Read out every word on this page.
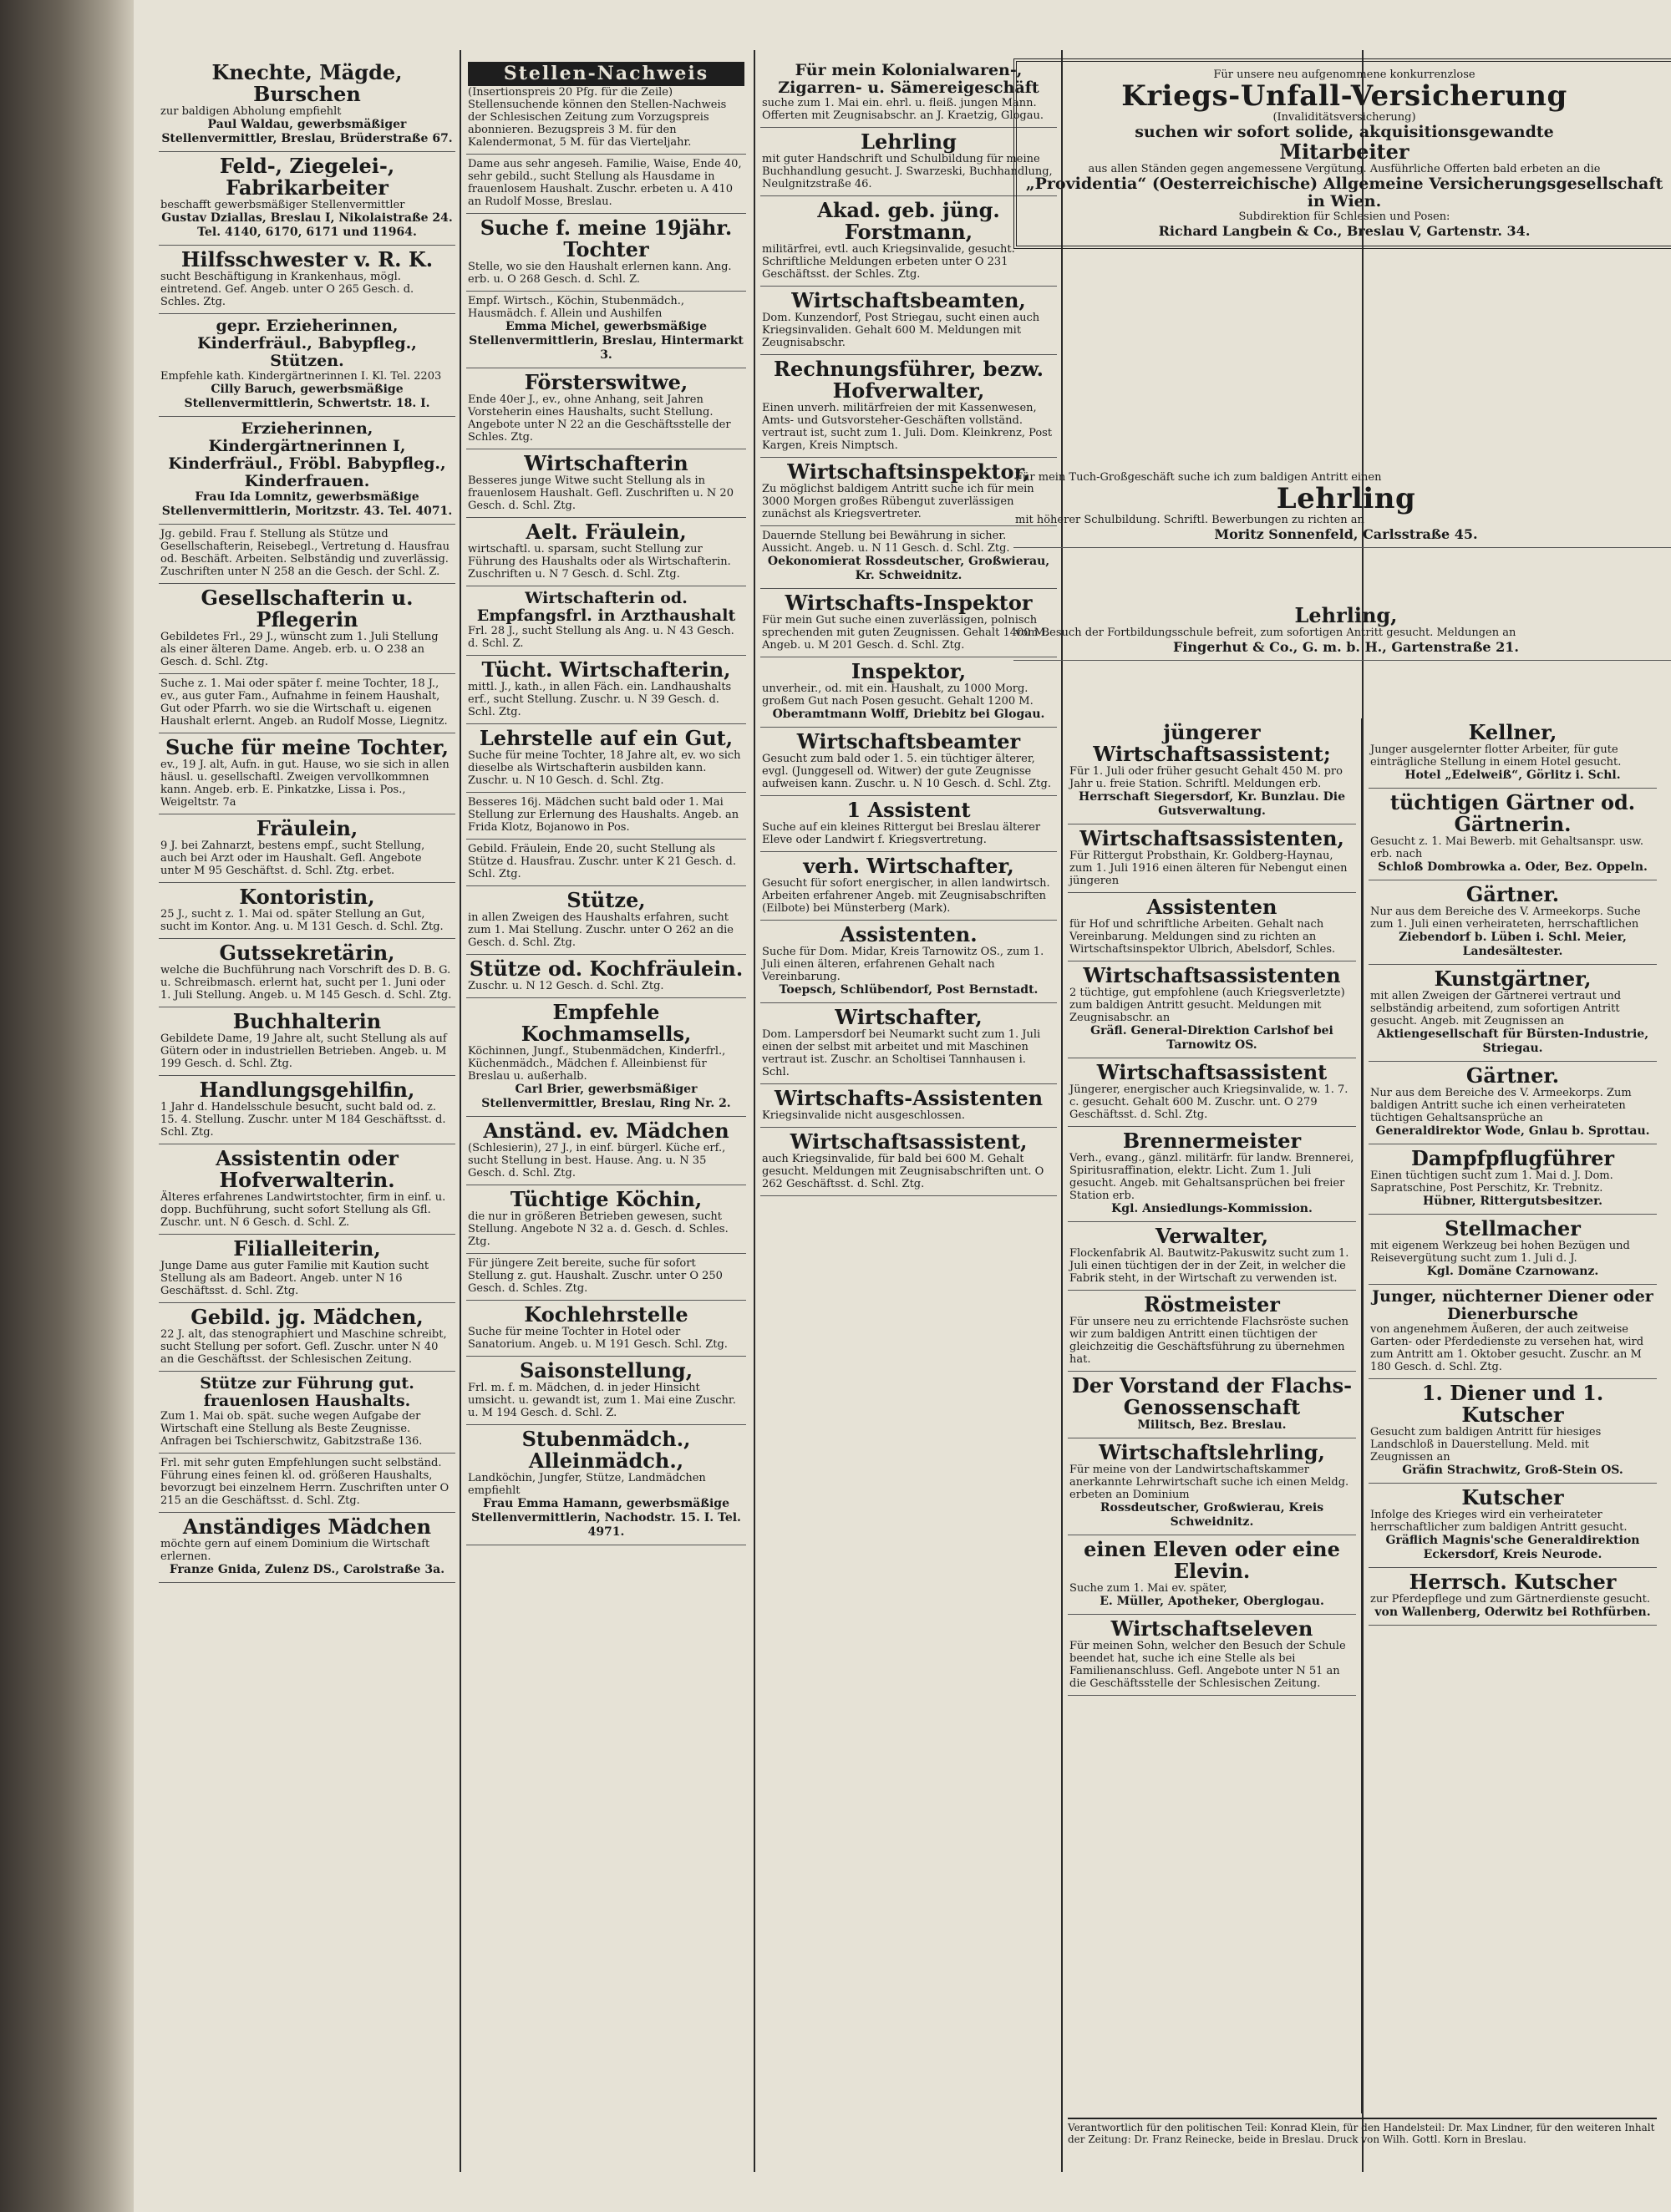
Knechte, Mägde, Burschen
zur baldigen Abholung empfiehlt
Paul Waldau, gewerbsmäßiger Stellenvermittler, Breslau, Brüderstraße 67.
Feld-, Ziegelei-, Fabrikarbeiter
beschafft gewerbsmäßiger Stellenvermittler
Gustav Dziallas, Breslau I, Nikolaistraße 24. Tel. 4140, 6170, 6171 und 11964.
Hilfsschwester v. R. K.
sucht Beschäftigung in Krankenhaus, mögl. eintretend. Gef. Angeb. unter O 265 Gesch. d. Schles. Ztg.
gepr. Erzieherinnen, Kinderfräul., Babypfleg., Stützen.
Empfehle kath. Kindergärtnerinnen I. Kl. Tel. 2203
Cilly Baruch, gewerbsmäßige Stellenvermittlerin, Schwertstr. 18. I.
Erzieherinnen, Kindergärtnerinnen I, Kinderfräul., Fröbl. Babypfleg., Kinderfrauen.
Frau Ida Lomnitz, gewerbsmäßige Stellenvermittlerin, Moritzstr. 43. Tel. 4071.
Jg. gebild. Frau f. Stellung als Stütze und Gesellschafterin, Reisebegl., Vertretung d. Hausfrau od. Beschäft. Arbeiten. Selbständig und zuverlässig. Zuschriften unter N 258 an die Gesch. der Schl. Z.
Gesellschafterin u. Pflegerin
Gebildetes Frl., 29 J., wünscht zum 1. Juli Stellung als einer älteren Dame. Angeb. erb. u. O 238 an Gesch. d. Schl. Ztg.
Suche z. 1. Mai oder später f. meine Tochter, 18 J., ev., aus guter Fam., Aufnahme in feinem Haushalt, Gut oder Pfarrh. wo sie die Wirtschaft u. eigenen Haushalt erlernt. Angeb. an Rudolf Mosse, Liegnitz.
Suche für meine Tochter,
ev., 19 J. alt, Aufn. in gut. Hause, wo sie sich in allen häusl. u. gesellschaftl. Zweigen vervollkommnen kann. Angeb. erb. E. Pinkatzke, Lissa i. Pos., Weigeltstr. 7a
Fräulein,
9 J. bei Zahnarzt, bestens empf., sucht Stellung, auch bei Arzt oder im Haushalt. Gefl. Angebote unter M 95 Geschäftst. d. Schl. Ztg. erbet.
Kontoristin,
25 J., sucht z. 1. Mai od. später Stellung an Gut, sucht im Kontor. Ang. u. M 131 Gesch. d. Schl. Ztg.
Gutssekretärin,
welche die Buchführung nach Vorschrift des D. B. G. u. Schreibmasch. erlernt hat, sucht per 1. Juni oder 1. Juli Stellung. Angeb. u. M 145 Gesch. d. Schl. Ztg.
Buchhalterin
Gebildete Dame, 19 Jahre alt, sucht Stellung als auf Gütern oder in industriellen Betrieben. Angeb. u. M 199 Gesch. d. Schl. Ztg.
Handlungsgehilfin,
1 Jahr d. Handelsschule besucht, sucht bald od. z. 15. 4. Stellung. Zuschr. unter M 184 Geschäftsst. d. Schl. Ztg.
Assistentin oder Hofverwalterin.
Älteres erfahrenes Landwirtstochter, firm in einf. u. dopp. Buchführung, sucht sofort Stellung als Gfl. Zuschr. unt. N 6 Gesch. d. Schl. Z.
Filialleiterin,
Junge Dame aus guter Familie mit Kaution sucht Stellung als am Badeort. Angeb. unter N 16 Geschäftsst. d. Schl. Ztg.
Gebild. jg. Mädchen,
22 J. alt, das stenographiert und Maschine schreibt, sucht Stellung per sofort. Gefl. Zuschr. unter N 40 an die Geschäftsst. der Schlesischen Zeitung.
Stütze zur Führung gut. frauenlosen Haushalts.
Zum 1. Mai ob. spät. suche wegen Aufgabe der Wirtschaft eine Stellung als Beste Zeugnisse. Anfragen bei Tschierschwitz, Gabitzstraße 136.
Frl. mit sehr guten Empfehlungen sucht selbständ. Führung eines feinen kl. od. größeren Haushalts, bevorzugt bei einzelnem Herrn. Zuschriften unter O 215 an die Geschäftsst. d. Schl. Ztg.
Anständiges Mädchen
möchte gern auf einem Dominium die Wirtschaft erlernen.
Franze Gnida, Zulenz DS., Carolstraße 3a.
Stellen-Nachweis
(Insertionspreis 20 Pfg. für die Zeile) Stellensuchende können den Stellen-Nachweis der Schlesischen Zeitung zum Vorzugspreis abonnieren. Bezugspreis 3 M. für den Kalendermonat, 5 M. für das Vierteljahr.
Dame aus sehr angeseh. Familie, Waise, Ende 40, sehr gebild., sucht Stellung als Hausdame in frauenlosem Haushalt. Zuschr. erbeten u. A 410 an Rudolf Mosse, Breslau.
Suche f. meine 19jähr. Tochter
Stelle, wo sie den Haushalt erlernen kann. Ang. erb. u. O 268 Gesch. d. Schl. Z.
Empf. Wirtsch., Köchin, Stubenmädch., Hausmädch. f. Allein und Aushilfen
Emma Michel, gewerbsmäßige Stellenvermittlerin, Breslau, Hintermarkt 3.
Försterswitwe,
Ende 40er J., ev., ohne Anhang, seit Jahren Vorsteherin eines Haushalts, sucht Stellung. Angebote unter N 22 an die Geschäftsstelle der Schles. Ztg.
Wirtschafterin
Besseres junge Witwe sucht Stellung als in frauenlosem Haushalt. Gefl. Zuschriften u. N 20 Gesch. d. Schl. Ztg.
Aelt. Fräulein,
wirtschaftl. u. sparsam, sucht Stellung zur Führung des Haushalts oder als Wirtschafterin. Zuschriften u. N 7 Gesch. d. Schl. Ztg.
Wirtschafterin od. Empfangsfrl. in Arzthaushalt
Frl. 28 J., sucht Stellung als Ang. u. N 43 Gesch. d. Schl. Z.
Tücht. Wirtschafterin,
mittl. J., kath., in allen Fäch. ein. Landhaushalts erf., sucht Stellung. Zuschr. u. N 39 Gesch. d. Schl. Ztg.
Lehrstelle auf ein Gut,
Suche für meine Tochter, 18 Jahre alt, ev. wo sich dieselbe als Wirtschafterin ausbilden kann. Zuschr. u. N 10 Gesch. d. Schl. Ztg.
Besseres 16j. Mädchen sucht bald oder 1. Mai Stellung zur Erlernung des Haushalts. Angeb. an Frida Klotz, Bojanowo in Pos.
Gebild. Fräulein, Ende 20, sucht Stellung als Stütze d. Hausfrau. Zuschr. unter K 21 Gesch. d. Schl. Ztg.
Stütze,
in allen Zweigen des Haushalts erfahren, sucht zum 1. Mai Stellung. Zuschr. unter O 262 an die Gesch. d. Schl. Ztg.
Stütze od. Kochfräulein.
Zuschr. u. N 12 Gesch. d. Schl. Ztg.
Empfehle Kochmamsells,
Köchinnen, Jungf., Stubenmädchen, Kinderfrl., Küchenmädch., Mädchen f. Alleinbienst für Breslau u. außerhalb.
Carl Brier, gewerbsmäßiger Stellenvermittler, Breslau, Ring Nr. 2.
Anständ. ev. Mädchen
(Schlesierin), 27 J., in einf. bürgerl. Küche erf., sucht Stellung in best. Hause. Ang. u. N 35 Gesch. d. Schl. Ztg.
Tüchtige Köchin,
die nur in größeren Betrieben gewesen, sucht Stellung. Angebote N 32 a. d. Gesch. d. Schles. Ztg.
Für jüngere Zeit bereite, suche für sofort Stellung z. gut. Haushalt. Zuschr. unter O 250 Gesch. d. Schles. Ztg.
Kochlehrstelle
Suche für meine Tochter in Hotel oder Sanatorium. Angeb. u. M 191 Gesch. Schl. Ztg.
Saisonstellung,
Frl. m. f. m. Mädchen, d. in jeder Hinsicht umsicht. u. gewandt ist, zum 1. Mai eine Zuschr. u. M 194 Gesch. d. Schl. Z.
Stubenmädch., Alleinmädch.,
Landköchin, Jungfer, Stütze, Landmädchen empfiehlt
Frau Emma Hamann, gewerbsmäßige Stellenvermittlerin, Nachodstr. 15. I. Tel. 4971.
Für mein Kolonialwaren-, Zigarren- u. Sämereigeschäft
suche zum 1. Mai ein. ehrl. u. fleiß. jungen Mann. Offerten mit Zeugnisabschr. an J. Kraetzig, Glogau.
Lehrling
mit guter Handschrift und Schulbildung für meine Buchhandlung gesucht. J. Swarzeski, Buchhandlung, Neulgnitzstraße 46.
Akad. geb. jüng. Forstmann,
militärfrei, evtl. auch Kriegsinvalide, gesucht. Schriftliche Meldungen erbeten unter O 231 Geschäftsst. der Schles. Ztg.
Wirtschaftsbeamten,
Dom. Kunzendorf, Post Striegau, sucht einen auch Kriegsinvaliden. Gehalt 600 M. Meldungen mit Zeugnisabschr.
Rechnungsführer, bezw. Hofverwalter,
Einen unverh. militärfreien der mit Kassenwesen, Amts- und Gutsvorsteher-Geschäften vollständ. vertraut ist, sucht zum 1. Juli. Dom. Kleinkrenz, Post Kargen, Kreis Nimptsch.
Wirtschaftsinspektor,
Zu möglichst baldigem Antritt suche ich für mein 3000 Morgen großes Rübengut zuverlässigen zunächst als Kriegsvertreter.
Dauernde Stellung bei Bewährung in sicher. Aussicht. Angeb. u. N 11 Gesch. d. Schl. Ztg.
Oekonomierat Rossdeutscher, Großwierau, Kr. Schweidnitz.
Wirtschafts-Inspektor
Für mein Gut suche einen zuverlässigen, polnisch sprechenden mit guten Zeugnissen. Gehalt 1400 M. Angeb. u. M 201 Gesch. d. Schl. Ztg.
Inspektor,
unverheir., od. mit ein. Haushalt, zu 1000 Morg. großem Gut nach Posen gesucht. Gehalt 1200 M.
Oberamtmann Wolff, Driebitz bei Glogau.
Wirtschaftsbeamter
Gesucht zum bald oder 1. 5. ein tüchtiger älterer, evgl. (Junggesell od. Witwer) der gute Zeugnisse aufweisen kann. Zuschr. u. N 10 Gesch. d. Schl. Ztg.
1 Assistent
Suche auf ein kleines Rittergut bei Breslau älterer Eleve oder Landwirt f. Kriegsvertretung.
verh. Wirtschafter,
Gesucht für sofort energischer, in allen landwirtsch. Arbeiten erfahrener Angeb. mit Zeugnisabschriften (Eilbote) bei Münsterberg (Mark).
Assistenten.
Suche für Dom. Midar, Kreis Tarnowitz OS., zum 1. Juli einen älteren, erfahrenen Gehalt nach Vereinbarung.
Toepsch, Schlübendorf, Post Bernstadt.
Wirtschafter,
Dom. Lampersdorf bei Neumarkt sucht zum 1. Juli einen der selbst mit arbeitet und mit Maschinen vertraut ist. Zuschr. an Scholtisei Tannhausen i. Schl.
Wirtschafts-Assistenten
Kriegsinvalide nicht ausgeschlossen.
Wirtschaftsassistent,
auch Kriegsinvalide, für bald bei 600 M. Gehalt gesucht. Meldungen mit Zeugnisabschriften unt. O 262 Geschäftsst. d. Schl. Ztg.
Für unsere neu aufgenommene konkurrenzlose
Kriegs-Unfall-Versicherung
(Invaliditätsversicherung)
suchen wir sofort solide, akquisitionsgewandte
Mitarbeiter
aus allen Ständen gegen angemessene Vergütung. Ausführliche Offerten bald erbeten an die
„Providentia“ (Oesterreichische) Allgemeine Versicherungsgesellschaft in Wien.
Subdirektion für Schlesien und Posen:
Richard Langbein & Co., Breslau V, Gartenstr. 34.
Für mein Tuch-Großgeschäft suche ich zum baldigen Antritt einen
Lehrling
mit höherer Schulbildung. Schriftl. Bewerbungen zu richten an
Moritz Sonnenfeld, Carlsstraße 45.
Lehrling,
vom Besuch der Fortbildungsschule befreit, zum sofortigen Antritt gesucht. Meldungen an
Fingerhut & Co., G. m. b. H., Gartenstraße 21.
jüngerer Wirtschaftsassistent;
Für 1. Juli oder früher gesucht Gehalt 450 M. pro Jahr u. freie Station. Schriftl. Meldungen erb.
Herrschaft Siegersdorf, Kr. Bunzlau. Die Gutsverwaltung.
Wirtschaftsassistenten,
Für Rittergut Probsthain, Kr. Goldberg-Haynau, zum 1. Juli 1916 einen älteren für Nebengut einen jüngeren
Assistenten
für Hof und schriftliche Arbeiten. Gehalt nach Vereinbarung. Meldungen sind zu richten an Wirtschaftsinspektor Ulbrich, Abelsdorf, Schles.
Wirtschaftsassistenten
2 tüchtige, gut empfohlene (auch Kriegsverletzte) zum baldigen Antritt gesucht. Meldungen mit Zeugnisabschr. an
Gräfl. General-Direktion Carlshof bei Tarnowitz OS.
Wirtschaftsassistent
Jüngerer, energischer auch Kriegsinvalide, w. 1. 7. c. gesucht. Gehalt 600 M. Zuschr. unt. O 279 Geschäftsst. d. Schl. Ztg.
Brennermeister
Verh., evang., gänzl. militärfr. für landw. Brennerei, Spiritusraffination, elektr. Licht. Zum 1. Juli gesucht. Angeb. mit Gehaltsansprüchen bei freier Station erb.
Kgl. Ansiedlungs-Kommission.
Verwalter,
Flockenfabrik Al. Bautwitz-Pakuswitz sucht zum 1. Juli einen tüchtigen der in der Zeit, in welcher die Fabrik steht, in der Wirtschaft zu verwenden ist.
Röstmeister
Für unsere neu zu errichtende Flachsröste suchen wir zum baldigen Antritt einen tüchtigen der gleichzeitig die Geschäftsführung zu übernehmen hat.
Der Vorstand der Flachs-Genossenschaft
Militsch, Bez. Breslau.
Wirtschaftslehrling,
Für meine von der Landwirtschaftskammer anerkannte Lehrwirtschaft suche ich einen Meldg. erbeten an Dominium
Rossdeutscher, Großwierau, Kreis Schweidnitz.
einen Eleven oder eine Elevin.
Suche zum 1. Mai ev. später,
E. Müller, Apotheker, Oberglogau.
Wirtschaftseleven
Für meinen Sohn, welcher den Besuch der Schule beendet hat, suche ich eine Stelle als bei Familienanschluss. Gefl. Angebote unter N 51 an die Geschäftsstelle der Schlesischen Zeitung.
Kellner,
Junger ausgelernter flotter Arbeiter, für gute einträgliche Stellung in einem Hotel gesucht.
Hotel „Edelweiß“, Görlitz i. Schl.
tüchtigen Gärtner od. Gärtnerin.
Gesucht z. 1. Mai Bewerb. mit Gehaltsanspr. usw. erb. nach
Schloß Dombrowka a. Oder, Bez. Oppeln.
Gärtner.
Nur aus dem Bereiche des V. Armeekorps. Suche zum 1. Juli einen verheirateten, herrschaftlichen
Ziebendorf b. Lüben i. Schl. Meier, Landesältester.
Kunstgärtner,
mit allen Zweigen der Gärtnerei vertraut und selbständig arbeitend, zum sofortigen Antritt gesucht. Angeb. mit Zeugnissen an
Aktiengesellschaft für Bürsten-Industrie, Striegau.
Gärtner.
Nur aus dem Bereiche des V. Armeekorps. Zum baldigen Antritt suche ich einen verheirateten tüchtigen Gehaltsansprüche an
Generaldirektor Wode, Gnlau b. Sprottau.
Dampfpflugführer
Einen tüchtigen sucht zum 1. Mai d. J. Dom. Sapratschine, Post Perschitz, Kr. Trebnitz.
Hübner, Rittergutsbesitzer.
Stellmacher
mit eigenem Werkzeug bei hohen Bezügen und Reisevergütung sucht zum 1. Juli d. J.
Kgl. Domäne Czarnowanz.
Junger, nüchterner Diener oder Dienerbursche
von angenehmem Äußeren, der auch zeitweise Garten- oder Pferdedienste zu versehen hat, wird zum Antritt am 1. Oktober gesucht. Zuschr. an M 180 Gesch. d. Schl. Ztg.
1. Diener und 1. Kutscher
Gesucht zum baldigen Antritt für hiesiges Landschloß in Dauerstellung. Meld. mit Zeugnissen an
Gräfin Strachwitz, Groß-Stein OS.
Kutscher
Infolge des Krieges wird ein verheirateter herrschaftlicher zum baldigen Antritt gesucht.
Gräflich Magnis'sche Generaldirektion Eckersdorf, Kreis Neurode.
Herrsch. Kutscher
zur Pferdepflege und zum Gärtnerdienste gesucht.
von Wallenberg, Oderwitz bei Rothfürben.
Verantwortlich für den politischen Teil: Konrad Klein, für den Handelsteil: Dr. Max Lindner, für den weiteren Inhalt der Zeitung: Dr. Franz Reinecke, beide in Breslau. Druck von Wilh. Gottl. Korn in Breslau.
